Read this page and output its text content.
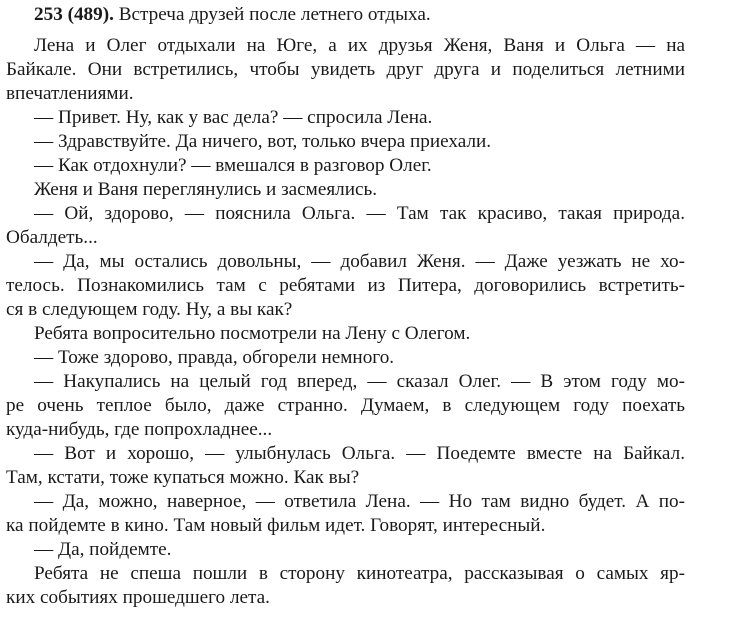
253 (489). Встреча друзей после летнего отдыха.
Лена и Олег отдыхали на Юге, а их друзья Женя, Ваня и Ольга — на
Байкале. Они встретились, чтобы увидеть друг друга и поделиться летними
впечатлениями.
— Привет. Ну, как у вас дела? — спросила Лена.
— Здравствуйте. Да ничего, вот, только вчера приехали.
— Как отдохнули? — вмешался в разговор Олег.
Женя и Ваня переглянулись и засмеялись.
— Ой, здорово, — пояснила Ольга. — Там так красиво, такая природа.
Обалдеть...
— Да, мы остались довольны, — добавил Женя. — Даже уезжать не хо-
телось. Познакомились там с ребятами из Питера, договорились встретить-
ся в следующем году. Ну, а вы как?
Ребята вопросительно посмотрели на Лену с Олегом.
— Тоже здорово, правда, обгорели немного.
— Накупались на целый год вперед, — сказал Олег. — В этом году мо-
ре очень теплое было, даже странно. Думаем, в следующем году поехать
куда-нибудь, где попрохладнее...
— Вот и хорошо, — улыбнулась Ольга. — Поедемте вместе на Байкал.
Там, кстати, тоже купаться можно. Как вы?
— Да, можно, наверное, — ответила Лена. — Но там видно будет. А по-
ка пойдемте в кино. Там новый фильм идет. Говорят, интересный.
— Да, пойдемте.
Ребята не спеша пошли в сторону кинотеатра, рассказывая о самых яр-
ких событиях прошедшего лета.
